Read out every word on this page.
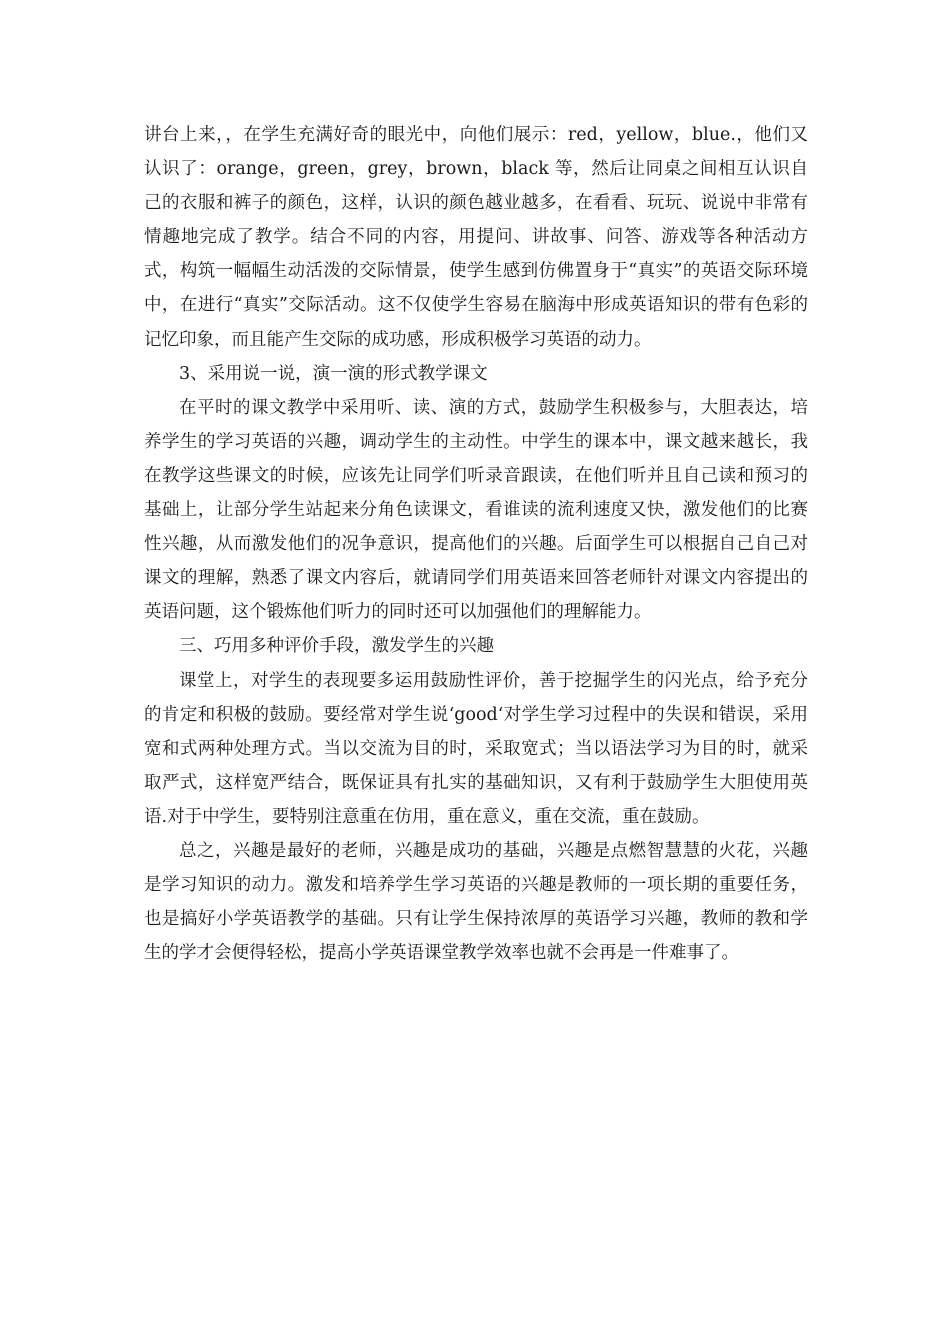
讲台上来，，在学生充满好奇的眼光中，向他们展示：red，yellow，blue.，他们又认识了：orange，green，grey，brown，black 等，然后让同桌之间相互认识自己的衣服和裤子的颜色，这样，认识的颜色越业越多，在看看、玩玩、说说中非常有情趣地完成了教学。结合不同的内容，用提问、讲故事、问答、游戏等各种活动方式，构筑一幅幅生动活泼的交际情景，使学生感到仿佛置身于“真实”的英语交际环境中，在进行“真实”交际活动。这不仅使学生容易在脑海中形成英语知识的带有色彩的记忆印象，而且能产生交际的成功感，形成积极学习英语的动力。

3、采用说一说，演一演的形式教学课文

在平时的课文教学中采用听、读、演的方式，鼓励学生积极参与，大胆表达，培养学生的学习英语的兴趣，调动学生的主动性。中学生的课本中，课文越来越长，我在教学这些课文的时候，应该先让同学们听录音跟读，在他们听并且自己读和预习的基础上，让部分学生站起来分角色读课文，看谁读的流利速度又快，激发他们的比赛性兴趣，从而激发他们的况争意识，提高他们的兴趣。后面学生可以根据自己自己对课文的理解，熟悉了课文内容后，就请同学们用英语来回答老师针对课文内容提出的英语问题，这个锻炼他们听力的同时还可以加强他们的理解能力。

三、巧用多种评价手段，激发学生的兴趣

课堂上，对学生的表现要多运用鼓励性评价，善于挖掘学生的闪光点，给予充分的肯定和积极的鼓励。要经常对学生说‘good‘对学生学习过程中的失误和错误，采用宽和式两种处理方式。当以交流为目的时，采取宽式；当以语法学习为目的时，就采取严式，这样宽严结合，既保证具有扎实的基础知识，又有利于鼓励学生大胆使用英语.对于中学生，要特别注意重在仿用，重在意义，重在交流，重在鼓励。

总之，兴趣是最好的老师，兴趣是成功的基础，兴趣是点燃智慧慧的火花，兴趣是学习知识的动力。激发和培养学生学习英语的兴趣是教师的一项长期的重要任务，也是搞好小学英语教学的基础。只有让学生保持浓厚的英语学习兴趣，教师的教和学生的学才会便得轻松，提高小学英语课堂教学效率也就不会再是一件难事了。
